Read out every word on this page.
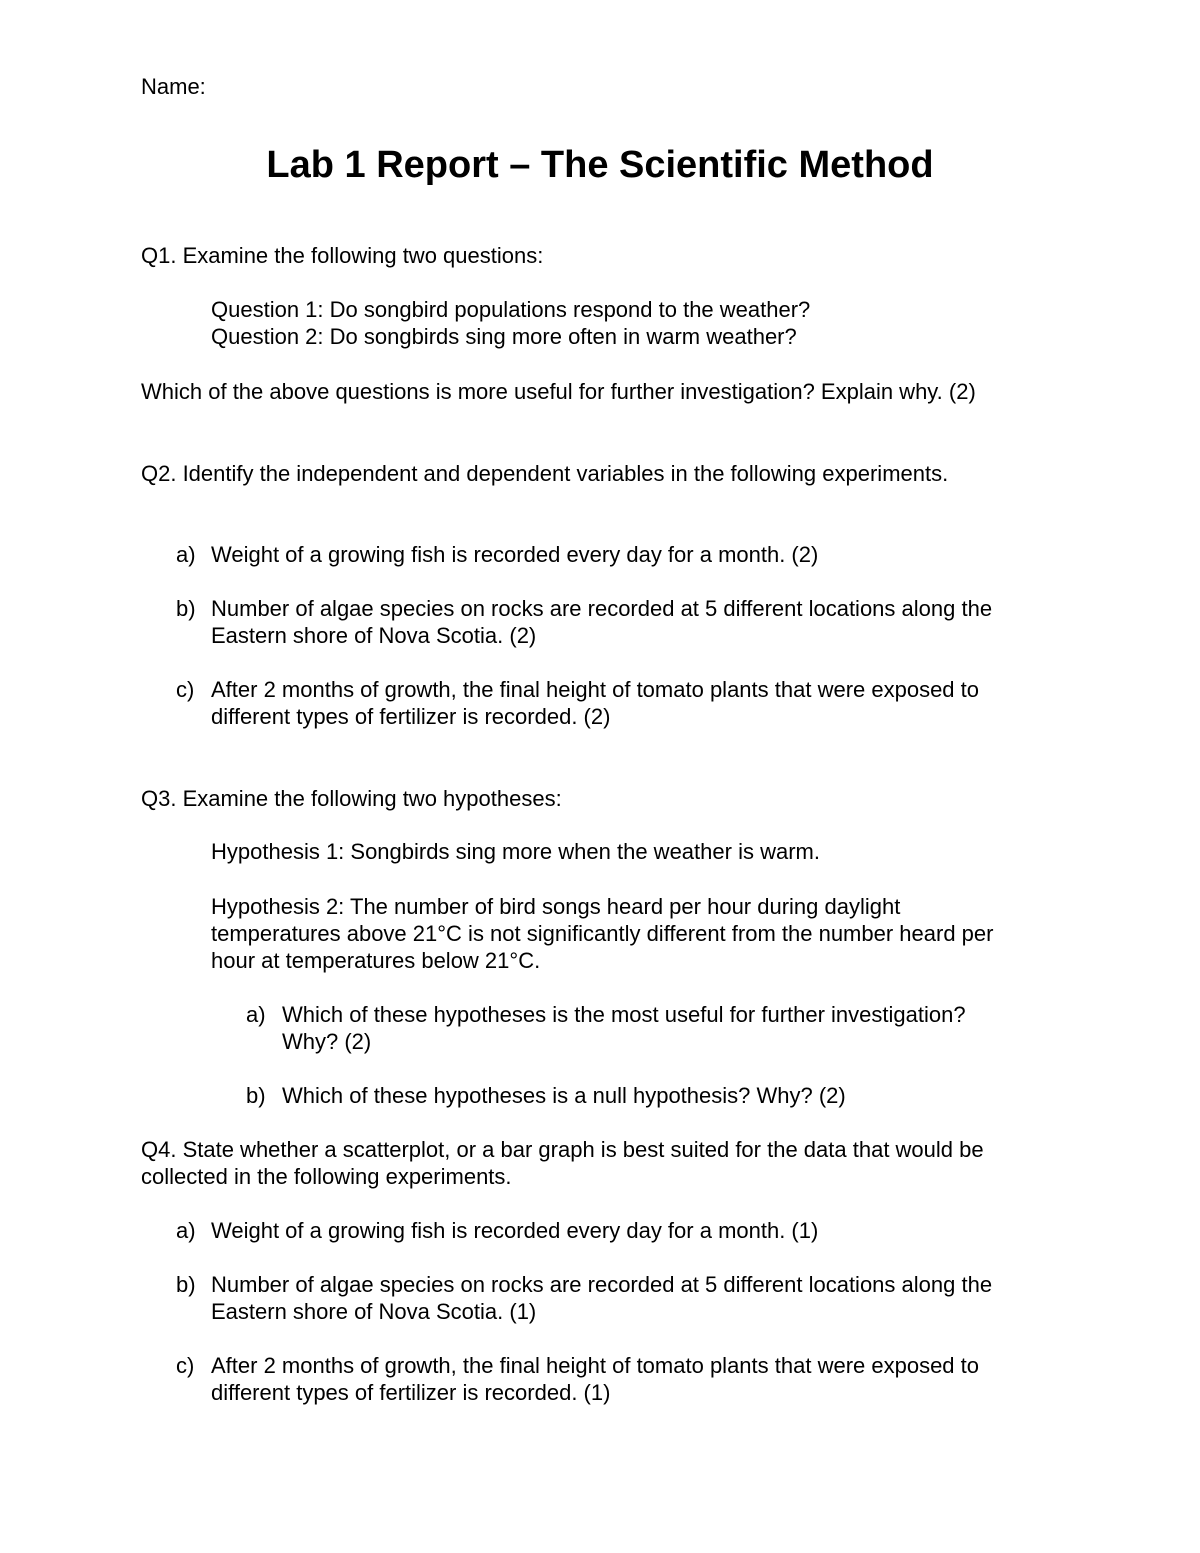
Name:
Lab 1 Report – The Scientific Method
Q1. Examine the following two questions:
Question 1: Do songbird populations respond to the weather?
Question 2: Do songbirds sing more often in warm weather?
Which of the above questions is more useful for further investigation? Explain why. (2)
Q2. Identify the independent and dependent variables in the following experiments.
a) Weight of a growing fish is recorded every day for a month. (2)
b) Number of algae species on rocks are recorded at 5 different locations along the
Eastern shore of Nova Scotia. (2)
c) After 2 months of growth, the final height of tomato plants that were exposed to
different types of fertilizer is recorded. (2)
Q3. Examine the following two hypotheses:
Hypothesis 1: Songbirds sing more when the weather is warm.
Hypothesis 2: The number of bird songs heard per hour during daylight
temperatures above 21°C is not significantly different from the number heard per
hour at temperatures below 21°C.
a) Which of these hypotheses is the most useful for further investigation?
Why? (2)
b) Which of these hypotheses is a null hypothesis? Why? (2)
Q4. State whether a scatterplot, or a bar graph is best suited for the data that would be
collected in the following experiments.
a) Weight of a growing fish is recorded every day for a month. (1)
b) Number of algae species on rocks are recorded at 5 different locations along the
Eastern shore of Nova Scotia. (1)
c) After 2 months of growth, the final height of tomato plants that were exposed to
different types of fertilizer is recorded. (1)
